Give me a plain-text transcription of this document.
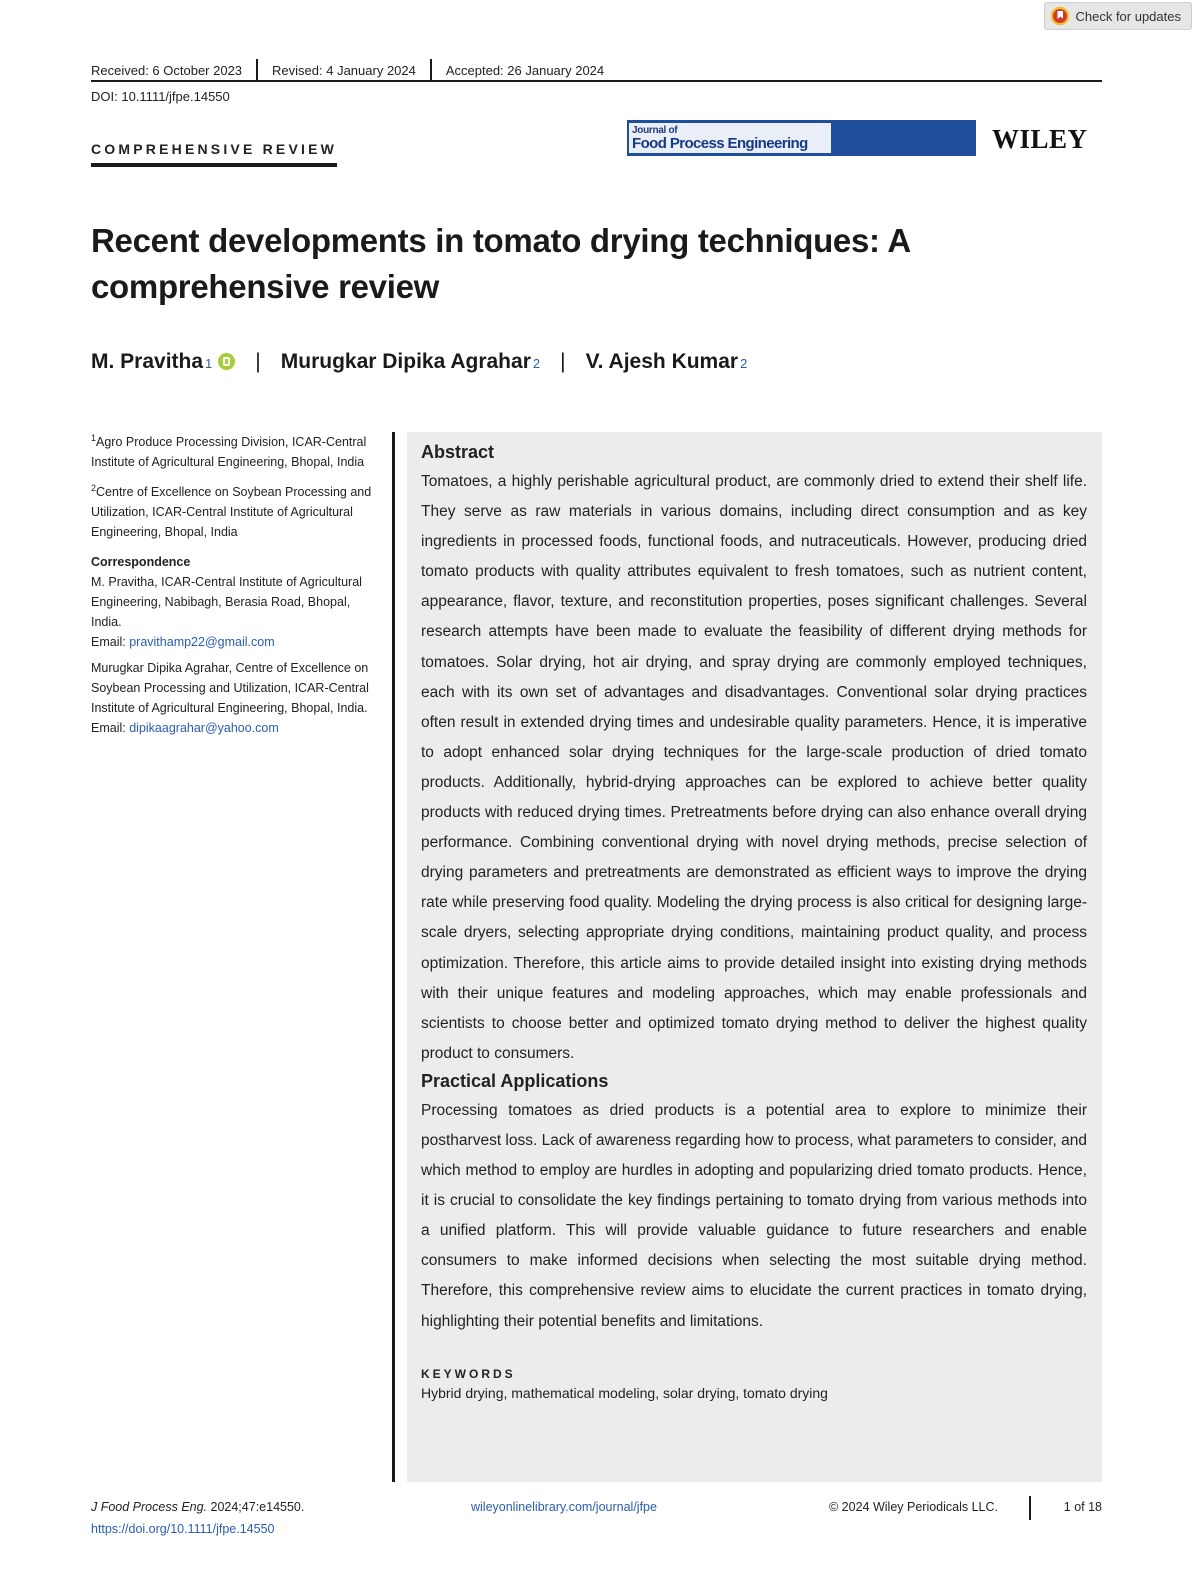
Check for updates
Received: 6 October 2023	Revised: 4 January 2024	Accepted: 26 January 2024
DOI: 10.1111/jfpe.14550
COMPREHENSIVE REVIEW
Journal of
Food Process Engineering	WILEY
Recent developments in tomato drying techniques: A comprehensive review
M. Pravitha 1 | Murugkar Dipika Agrahar 2 | V. Ajesh Kumar 2

$^1$Agro Produce Processing Division, ICAR-Central Institute of Agricultural Engineering, Bhopal, India

$^2$Centre of Excellence on Soybean Processing and Utilization, ICAR-Central Institute of Agricultural Engineering, Bhopal, India

Correspondence

M. Pravitha, ICAR-Central Institute of Agricultural Engineering, Nabibagh, Berasia Road, Bhopal, India.
Email: pravithamp22@gmail.com
Murugkar Dipika Agrahar, Centre of Excellence on Soybean Processing and Utilization, ICAR-Central Institute of Agricultural Engineering, Bhopal, India.
Email: dipikaagrahar@yahoo.com
Abstract

Tomatoes, a highly perishable agricultural product, are commonly dried to extend their shelf life. They serve as raw materials in various domains, including direct consumption and as key ingredients in processed foods, functional foods, and nutraceuticals. However, producing dried tomato products with quality attributes equivalent to fresh tomatoes, such as nutrient content, appearance, flavor, texture, and reconstitution properties, poses significant challenges. Several research attempts have been made to evaluate the feasibility of different drying methods for tomatoes. Solar drying, hot air drying, and spray drying are commonly employed techniques, each with its own set of advantages and disadvantages. Conventional solar drying practices often result in extended drying times and undesirable quality parameters. Hence, it is imperative to adopt enhanced solar drying techniques for the large-scale production of dried tomato products. Additionally, hybrid-drying approaches can be explored to achieve better quality products with reduced drying times. Pretreatments before drying can also enhance overall drying performance. Combining conventional drying with novel drying methods, precise selection of drying parameters and pretreatments are demonstrated as efficient ways to improve the drying rate while preserving food quality. Modeling the drying process is also critical for designing large-scale dryers, selecting appropriate drying conditions, maintaining product quality, and process optimization. Therefore, this article aims to provide detailed insight into existing drying methods with their unique features and modeling approaches, which may enable professionals and scientists to choose better and optimized tomato drying method to deliver the highest quality product to consumers.

Practical Applications

Processing tomatoes as dried products is a potential area to explore to minimize their postharvest loss. Lack of awareness regarding how to process, what parameters to consider, and which method to employ are hurdles in adopting and popularizing dried tomato products. Hence, it is crucial to consolidate the key findings pertaining to tomato drying from various methods into a unified platform. This will provide valuable guidance to future researchers and enable consumers to make informed decisions when selecting the most suitable drying method. Therefore, this comprehensive review aims to elucidate the current practices in tomato drying, highlighting their potential benefits and limitations.

KEYWORDS
Hybrid drying, mathematical modeling, solar drying, tomato drying
J Food Process Eng. 2024;47:e14550.
https://doi.org/10.1111/jfpe.14550
wileyonlinelibrary.com/journal/jfpe	© 2024 Wiley Periodicals LLC.	1 of 18
